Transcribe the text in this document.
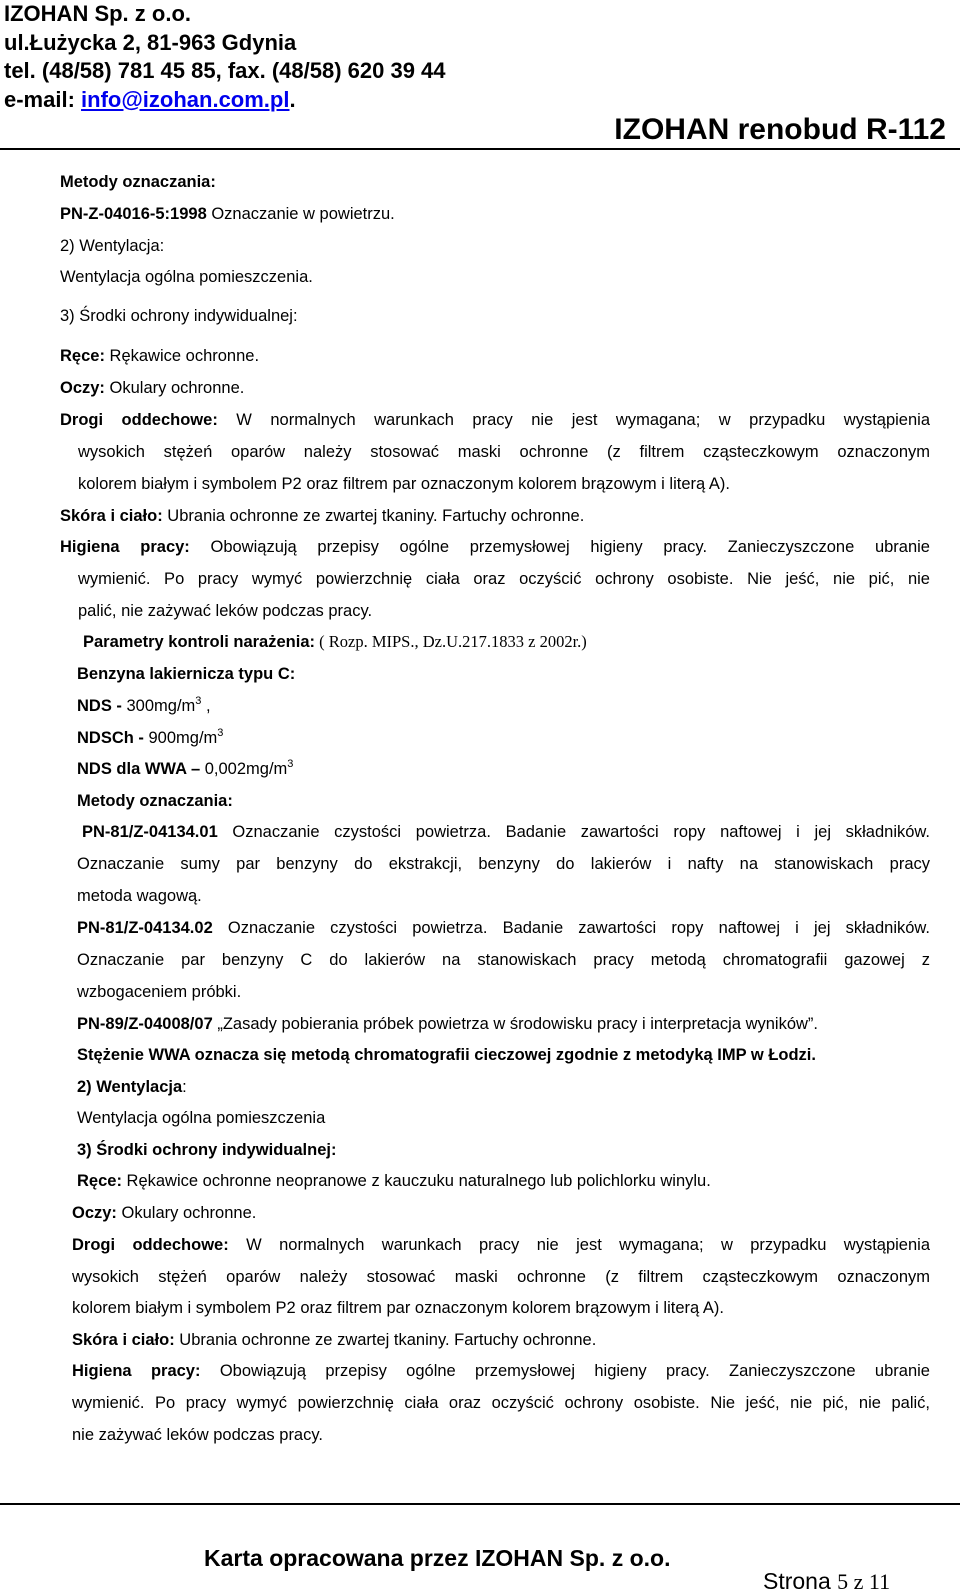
IZOHAN Sp. z o.o.
ul.Łużycka 2, 81-963 Gdynia
tel. (48/58) 781 45 85, fax. (48/58) 620 39 44
e-mail: info@izohan.com.pl.
IZOHAN renobud R-112
Metody oznaczania:
PN-Z-04016-5:1998 Oznaczanie w powietrzu.
2) Wentylacja:
Wentylacja ogólna pomieszczenia.
3) Środki ochrony indywidualnej:
Ręce: Rękawice ochronne.
Oczy: Okulary ochronne.
Drogi oddechowe: W normalnych warunkach pracy nie jest wymagana; w przypadku wystąpienia
wysokich stężeń oparów należy stosować maski ochronne (z filtrem cząsteczkowym oznaczonym
kolorem białym i symbolem P2 oraz filtrem par oznaczonym kolorem brązowym i literą A).
Skóra i ciało: Ubrania ochronne ze zwartej tkaniny. Fartuchy ochronne.
Higiena pracy: Obowiązują przepisy ogólne przemysłowej higieny pracy. Zanieczyszczone ubranie
wymienić. Po pracy wymyć powierzchnię ciała oraz oczyścić ochrony osobiste. Nie jeść, nie pić, nie
palić, nie zażywać leków podczas pracy.
Parametry kontroli narażenia: ( Rozp. MIPS., Dz.U.217.1833 z 2002r.)
Benzyna lakiernicza typu C:
NDS - $300mg/m^3$ ,
NDSCh - $900mg/m^3$
NDS dla WWA – $0,002mg/m^3$
Metody oznaczania:
PN-81/Z-04134.01 Oznaczanie czystości powietrza. Badanie zawartości ropy naftowej i jej składników.
Oznaczanie sumy par benzyny do ekstrakcji, benzyny do lakierów i nafty na stanowiskach pracy
metoda wagową.
PN-81/Z-04134.02 Oznaczanie czystości powietrza. Badanie zawartości ropy naftowej i jej składników.
Oznaczanie par benzyny C do lakierów na stanowiskach pracy metodą chromatografii gazowej z
wzbogaceniem próbki.
PN-89/Z-04008/07 „Zasady pobierania próbek powietrza w środowisku pracy i interpretacja wyników”.
Stężenie WWA oznacza się metodą chromatografii cieczowej zgodnie z metodyką IMP w Łodzi.
2) Wentylacja:
Wentylacja ogólna pomieszczenia
3) Środki ochrony indywidualnej:
Ręce: Rękawice ochronne neopranowe z kauczuku naturalnego lub polichlorku winylu.
Oczy: Okulary ochronne.
Drogi oddechowe: W normalnych warunkach pracy nie jest wymagana; w przypadku wystąpienia
wysokich stężeń oparów należy stosować maski ochronne (z filtrem cząsteczkowym oznaczonym
kolorem białym i symbolem P2 oraz filtrem par oznaczonym kolorem brązowym i literą A).
Skóra i ciało: Ubrania ochronne ze zwartej tkaniny. Fartuchy ochronne.
Higiena pracy: Obowiązują przepisy ogólne przemysłowej higieny pracy. Zanieczyszczone ubranie
wymienić. Po pracy wymyć powierzchnię ciała oraz oczyścić ochrony osobiste. Nie jeść, nie pić, nie palić,
nie zażywać leków podczas pracy.
Karta opracowana przez IZOHAN Sp. z o.o.
Strona 5 z 11
